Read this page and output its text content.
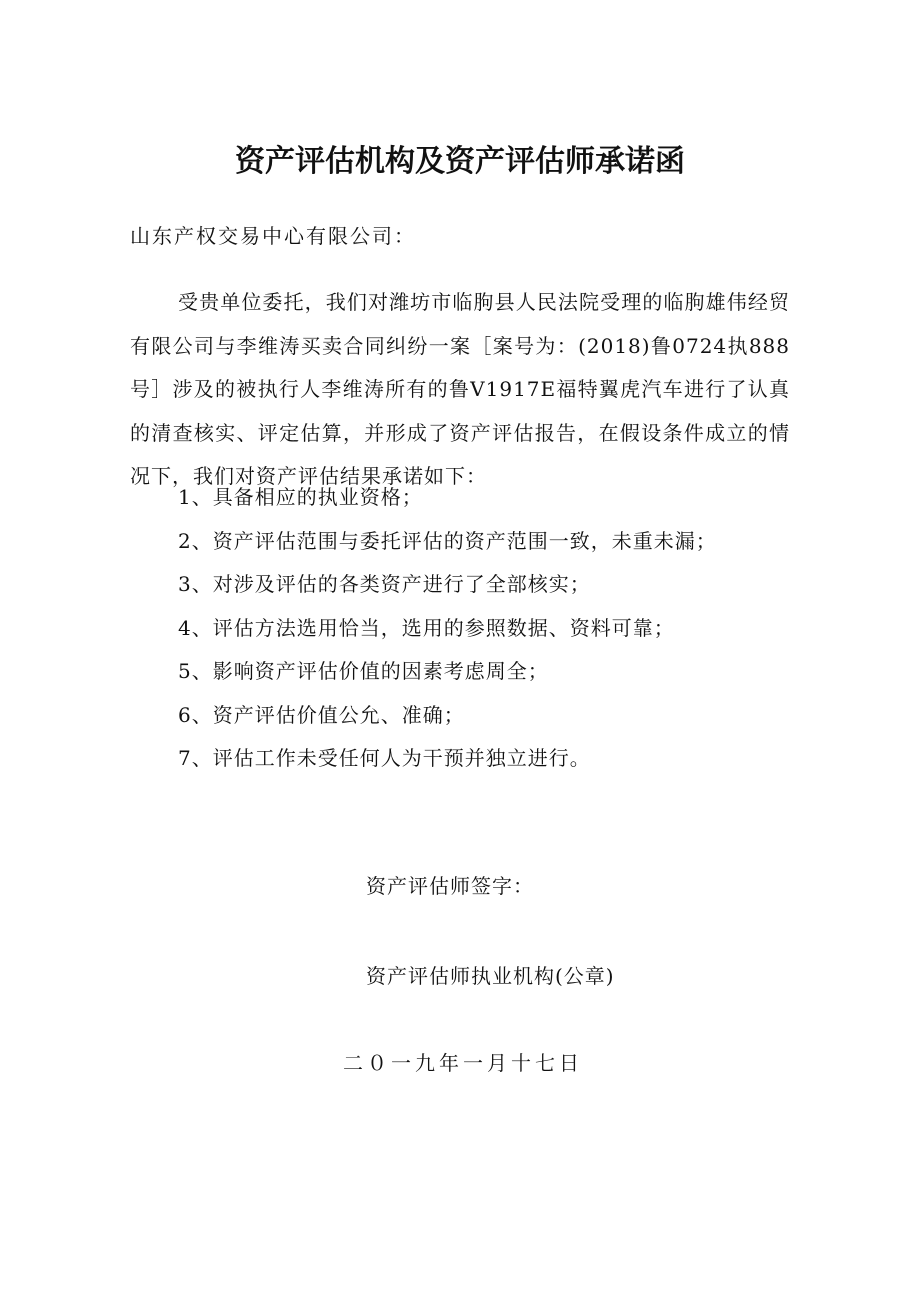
资产评估机构及资产评估师承诺函
山东产权交易中心有限公司：

受贵单位委托，我们对潍坊市临朐县人民法院受理的临朐雄伟经贸有限公司与李维涛买卖合同纠纷一案［案号为：(2018)鲁0724执888号］涉及的被执行人李维涛所有的鲁V1917E福特翼虎汽车进行了认真的清查核实、评定估算，并形成了资产评估报告，在假设条件成立的情况下，我们对资产评估结果承诺如下：

1、具备相应的执业资格；
2、资产评估范围与委托评估的资产范围一致，未重未漏；
3、对涉及评估的各类资产进行了全部核实；
4、评估方法选用恰当，选用的参照数据、资料可靠；
5、影响资产评估价值的因素考虑周全；
6、资产评估价值公允、准确；
7、评估工作未受任何人为干预并独立进行。
资产评估师签字：
资产评估师执业机构(公章)
二０一九年一月十七日
